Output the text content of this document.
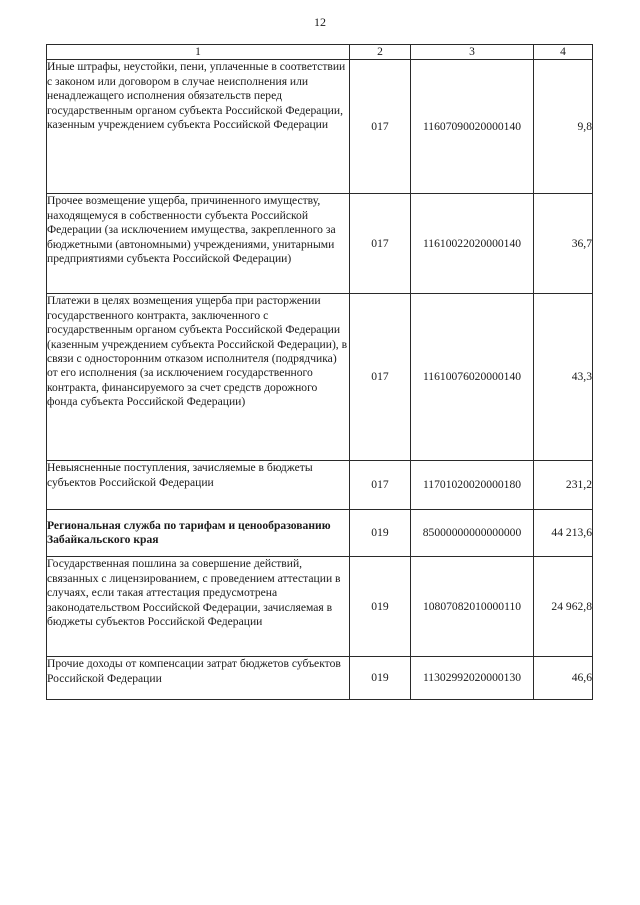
12
1	2	3	4
Иные штрафы, неустойки, пени, уплаченные в соответствии с законом или договором в случае неисполнения или ненадлежащего исполнения обязательств перед государственным органом субъекта Российской Федерации, казенным учреждением субъекта Российской Федерации	017	11607090020000140	9,8
Прочее возмещение ущерба, причиненного имуществу, находящемуся в собственности субъекта Российской Федерации (за исключением имущества, закрепленного за бюджетными (автономными) учреждениями, унитарными предприятиями субъекта Российской Федерации)	017	11610022020000140	36,7
Платежи в целях возмещения ущерба при расторжении государственного контракта, заключенного с государственным органом субъекта Российской Федерации (казенным учреждением субъекта Российской Федерации), в связи с односторонним отказом исполнителя (подрядчика) от его исполнения (за исключением государственного контракта, финансируемого за счет средств дорожного фонда субъекта Российской Федерации)	017	11610076020000140	43,3
Невыясненные поступления, зачисляемые в бюджеты субъектов Российской Федерации	017	11701020020000180	231,2
Региональная служба по тарифам и ценообразованию Забайкальского края	019	85000000000000000	44 213,6
Государственная пошлина за совершение действий, связанных с лицензированием, с проведением аттестации в случаях, если такая аттестация предусмотрена законодательством Российской Федерации, зачисляемая в бюджеты субъектов Российской Федерации	019	10807082010000110	24 962,8
Прочие доходы от компенсации затрат бюджетов субъектов Российской Федерации	019	11302992020000130	46,6
